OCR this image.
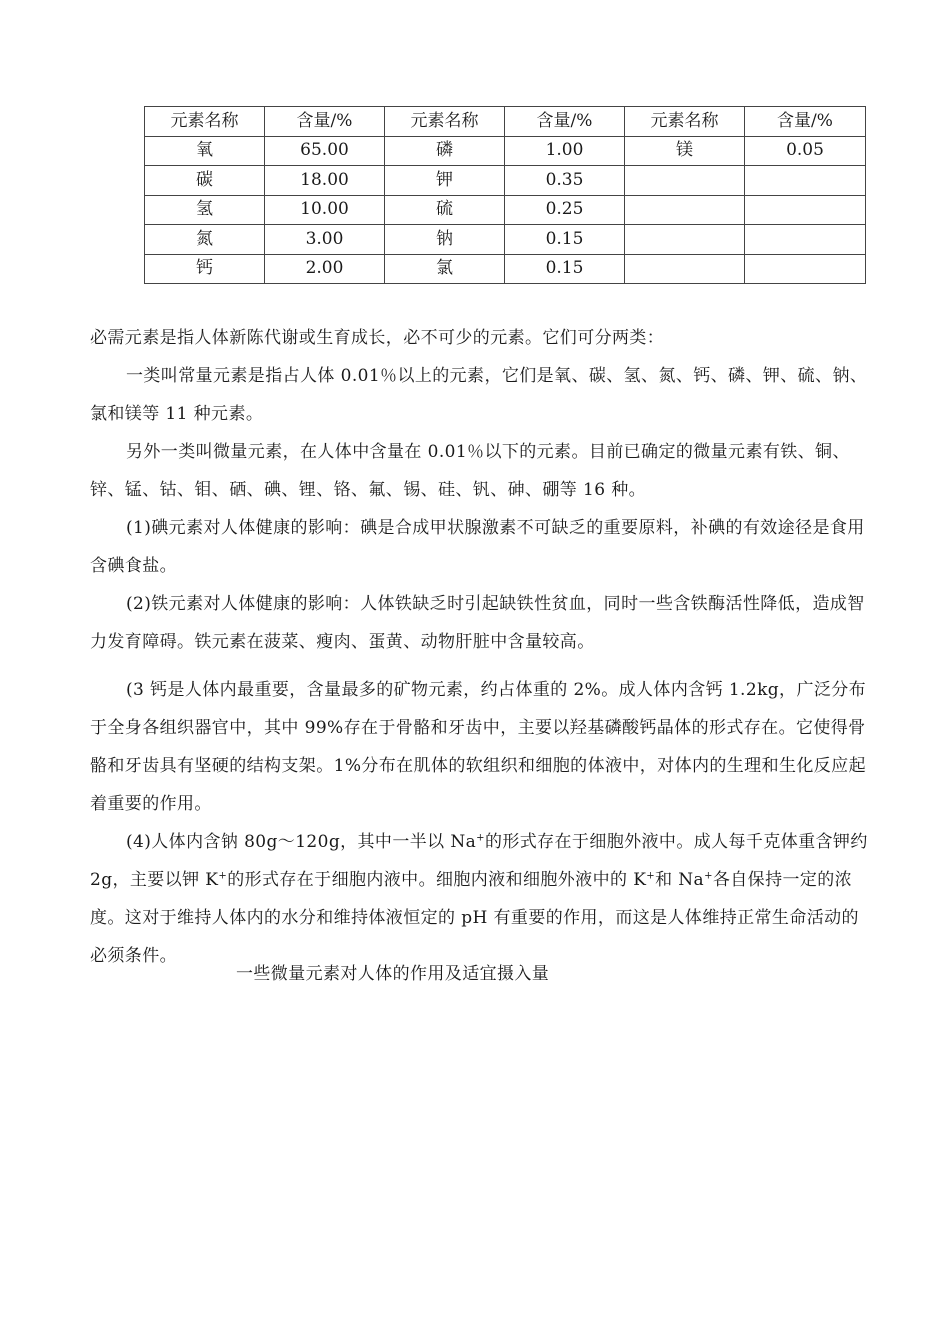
元素名称	含量/%	元素名称	含量/%	元素名称	含量/%
氧	65.00	磷	1.00	镁	0.05
碳	18.00	钾	0.35		
氢	10.00	硫	0.25		
氮	3.00	钠	0.15		
钙	2.00	氯	0.15		

必需元素是指人体新陈代谢或生育成长，必不可少的元素。它们可分两类：

一类叫常量元素是指占人体 0.01％以上的元素，它们是氧、碳、氢、氮、钙、磷、钾、硫、钠、氯和镁等 11 种元素。

另外一类叫微量元素，在人体中含量在 0.01％以下的元素。目前已确定的微量元素有铁、铜、锌、锰、钴、钼、硒、碘、锂、铬、氟、锡、硅、钒、砷、硼等 16 种。

(1)碘元素对人体健康的影响：碘是合成甲状腺激素不可缺乏的重要原料，补碘的有效途径是食用含碘食盐。

(2)铁元素对人体健康的影响：人体铁缺乏时引起缺铁性贫血，同时一些含铁酶活性降低，造成智力发育障碍。铁元素在菠菜、瘦肉、蛋黄、动物肝脏中含量较高。

(3 钙是人体内最重要，含量最多的矿物元素，约占体重的 2%。成人体内含钙 1.2kg，广泛分布于全身各组织器官中，其中 99%存在于骨骼和牙齿中，主要以羟基磷酸钙晶体的形式存在。它使得骨骼和牙齿具有坚硬的结构支架。1%分布在肌体的软组织和细胞的体液中，对体内的生理和生化反应起着重要的作用。

(4)人体内含钠 80g～120g，其中一半以 Na+的形式存在于细胞外液中。成人每千克体重含钾约 2g，主要以钾 K+的形式存在于细胞内液中。细胞内液和细胞外液中的 K+和 Na+各自保持一定的浓度。这对于维持人体内的水分和维持体液恒定的 pH 有重要的作用，而这是人体维持正常生命活动的必须条件。

一些微量元素对人体的作用及适宜摄入量
